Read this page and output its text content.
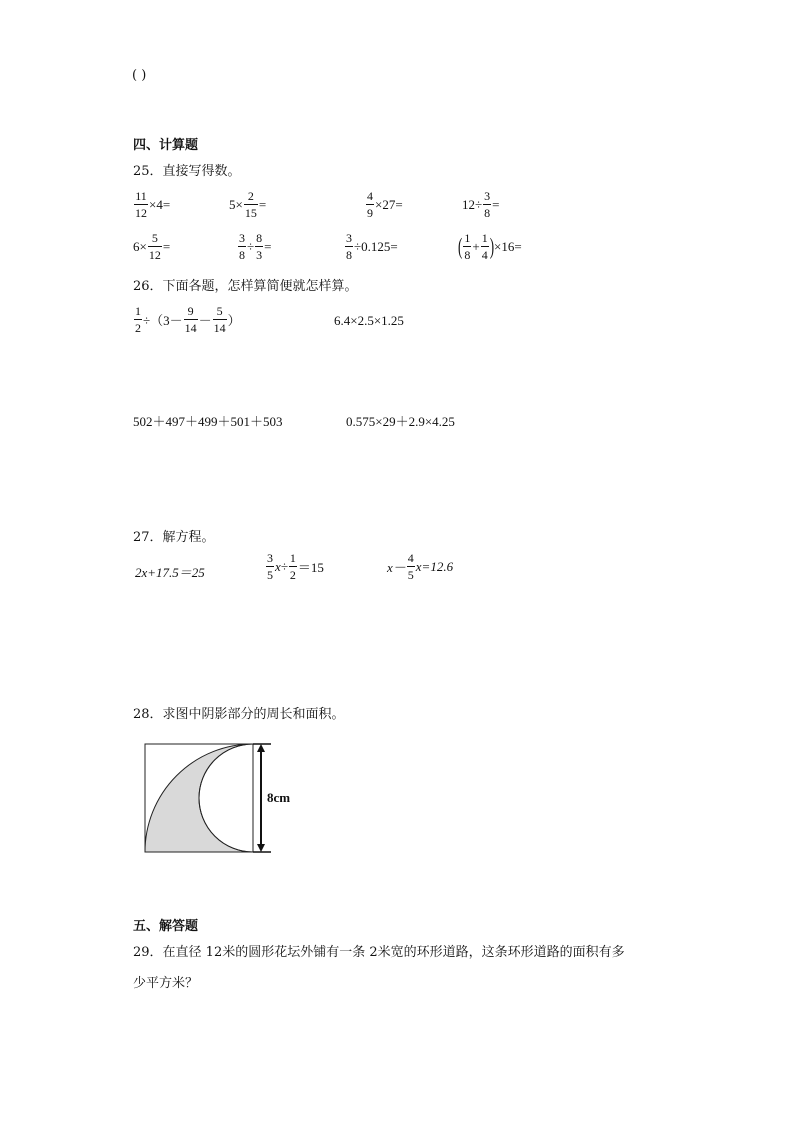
( )
四、计算题
25．直接写得数。
$\frac{11}{12} \times 4=$	$5\times \frac{2}{15}$ =	$\frac{4}{9} \times 27=$	$12\div \frac{3}{8}$ =
$6\times \frac{5}{12}$ =	$\frac{3}{8} \div \frac{8}{3}$ =	$\frac{3}{8} \div 0.125=$	( $\frac{1}{8} + \frac{1}{4}$ ) ×16=
26．下面各题，怎样算简便就怎样算。
$\frac{1}{2} \div(3- \frac{9}{14} - \frac{5}{14}$ ）	6.4×2.5×1.25
502＋497＋499＋501＋503	0.575×29＋2.9×4.25
27．解方程。
2x+17.5＝25	$\frac{3}{5} x\div \frac{1}{2} =15$	$x- \frac{4}{5} x=12.6$
28．求图中阴影部分的周长和面积。
8cm
五、解答题
29．在直径 12米的圆形花坛外铺有一条 2米宽的环形道路，这条环形道路的面积有多
少平方米？
